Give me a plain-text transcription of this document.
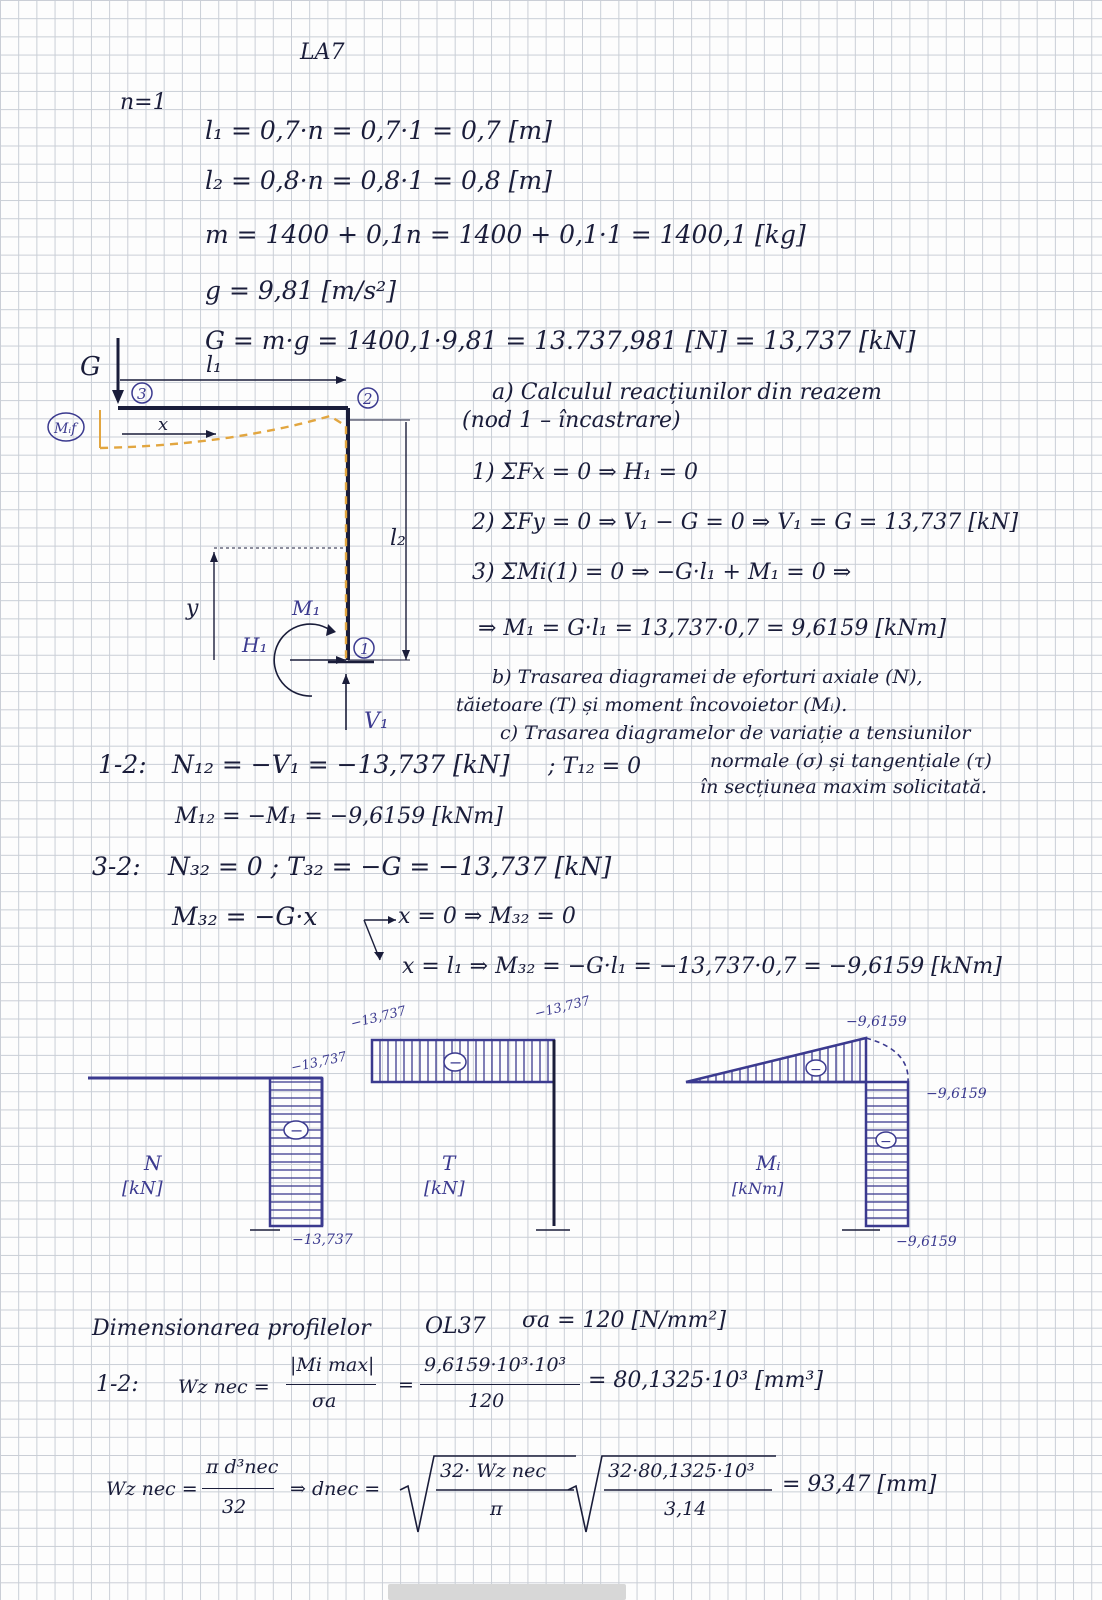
LA7
n=1
l₁ = 0,7·n = 0,7·1 = 0,7 [m]
l₂ = 0,8·n = 0,8·1 = 0,8 [m]
m = 1400 + 0,1n = 1400 + 0,1·1 = 1400,1 [kg]
g = 9,81 [m/s²]
G = m·g = 1400,1·9,81 = 13.737,981 [N] = 13,737 [kN]
G	l₁
3	2
1
x
Mᵢf
l₂
y
H₁
M₁
V₁
a) Calculul reacțiunilor din reazem
(nod 1 – încastrare)
1) ΣFx = 0 ⇒ H₁ = 0
2) ΣFy = 0 ⇒ V₁ − G = 0 ⇒ V₁ = G = 13,737 [kN]
3) ΣMi(1) = 0 ⇒ −G·l₁ + M₁ = 0 ⇒
⇒ M₁ = G·l₁ = 13,737·0,7 = 9,6159 [kNm]
b) Trasarea diagramei de eforturi axiale (N),
tăietoare (T) și moment încovoietor (Mᵢ).
c) Trasarea diagramelor de variație a tensiunilor
normale (σ) și tangențiale (τ)
în secțiunea maxim solicitată.
1-2: N₁₂ = −V₁ = −13,737 [kN] ; T₁₂ = 0
M₁₂ = −M₁ = −9,6159 [kNm]
3-2: N₃₂ = 0 ; T₃₂ = −G = −13,737 [kN]
M₃₂ = −G·x	x = 0 ⇒ M₃₂ = 0
x = l₁ ⇒ M₃₂ = −G·l₁ = −13,737·0,7 = −9,6159 [kNm]
−
−13,737
−13,737
N
[kN]
−
−13,737	−13,737
T
[kN]
−
−
−9,6159
−9,6159
−9,6159
Mᵢ
[kNm]
Dimensionarea profilelor OL37 σa = 120 [N/mm²]
1-2: Wz nec =
|Mi max|
σa
=
9,6159·10³·10³
120
= 80,1325·10³ [mm³]
Wz nec =
π d³nec
32
⇒ dnec =
32· Wz nec
π
32·80,1325·10³
3,14
= 93,47 [mm]
